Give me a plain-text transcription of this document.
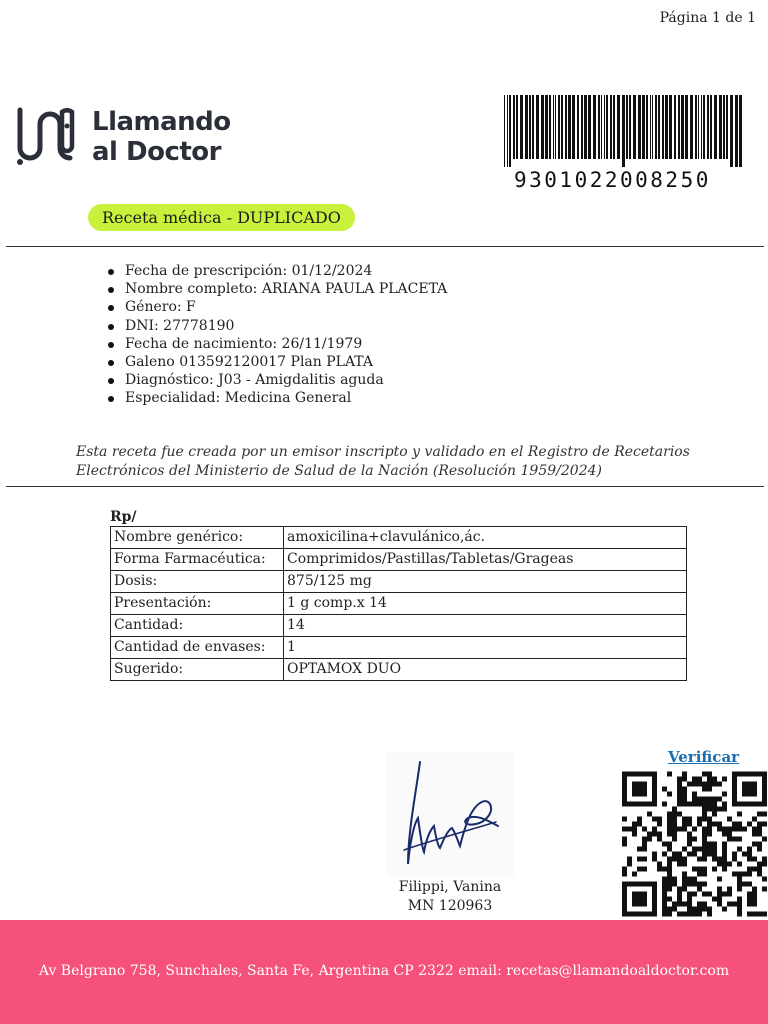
Página 1 de 1
Llamando
al Doctor
9301022008250
Receta médica - DUPLICADO
Fecha de prescripción: 01/12/2024
Nombre completo: ARIANA PAULA PLACETA
Género: F
DNI: 27778190
Fecha de nacimiento: 26/11/1979
Galeno 013592120017 Plan PLATA
Diagnóstico: J03 - Amigdalitis aguda
Especialidad: Medicina General
Esta receta fue creada por un emisor inscripto y validado en el Registro de Recetarios Electrónicos del Ministerio de Salud de la Nación (Resolución 1959/2024)
Rp/
Nombre genérico:	amoxicilina+clavulánico,ác.
Forma Farmacéutica:	Comprimidos/Pastillas/Tabletas/Grageas
Dosis:	875/125 mg
Presentación:	1 g comp.x 14
Cantidad:	14
Cantidad de envases:	1
Sugerido:	OPTAMOX DUO
Filippi, Vanina
MN 120963
Verificar
Av Belgrano 758, Sunchales, Santa Fe, Argentina CP 2322 email: recetas@llamandoaldoctor.com
